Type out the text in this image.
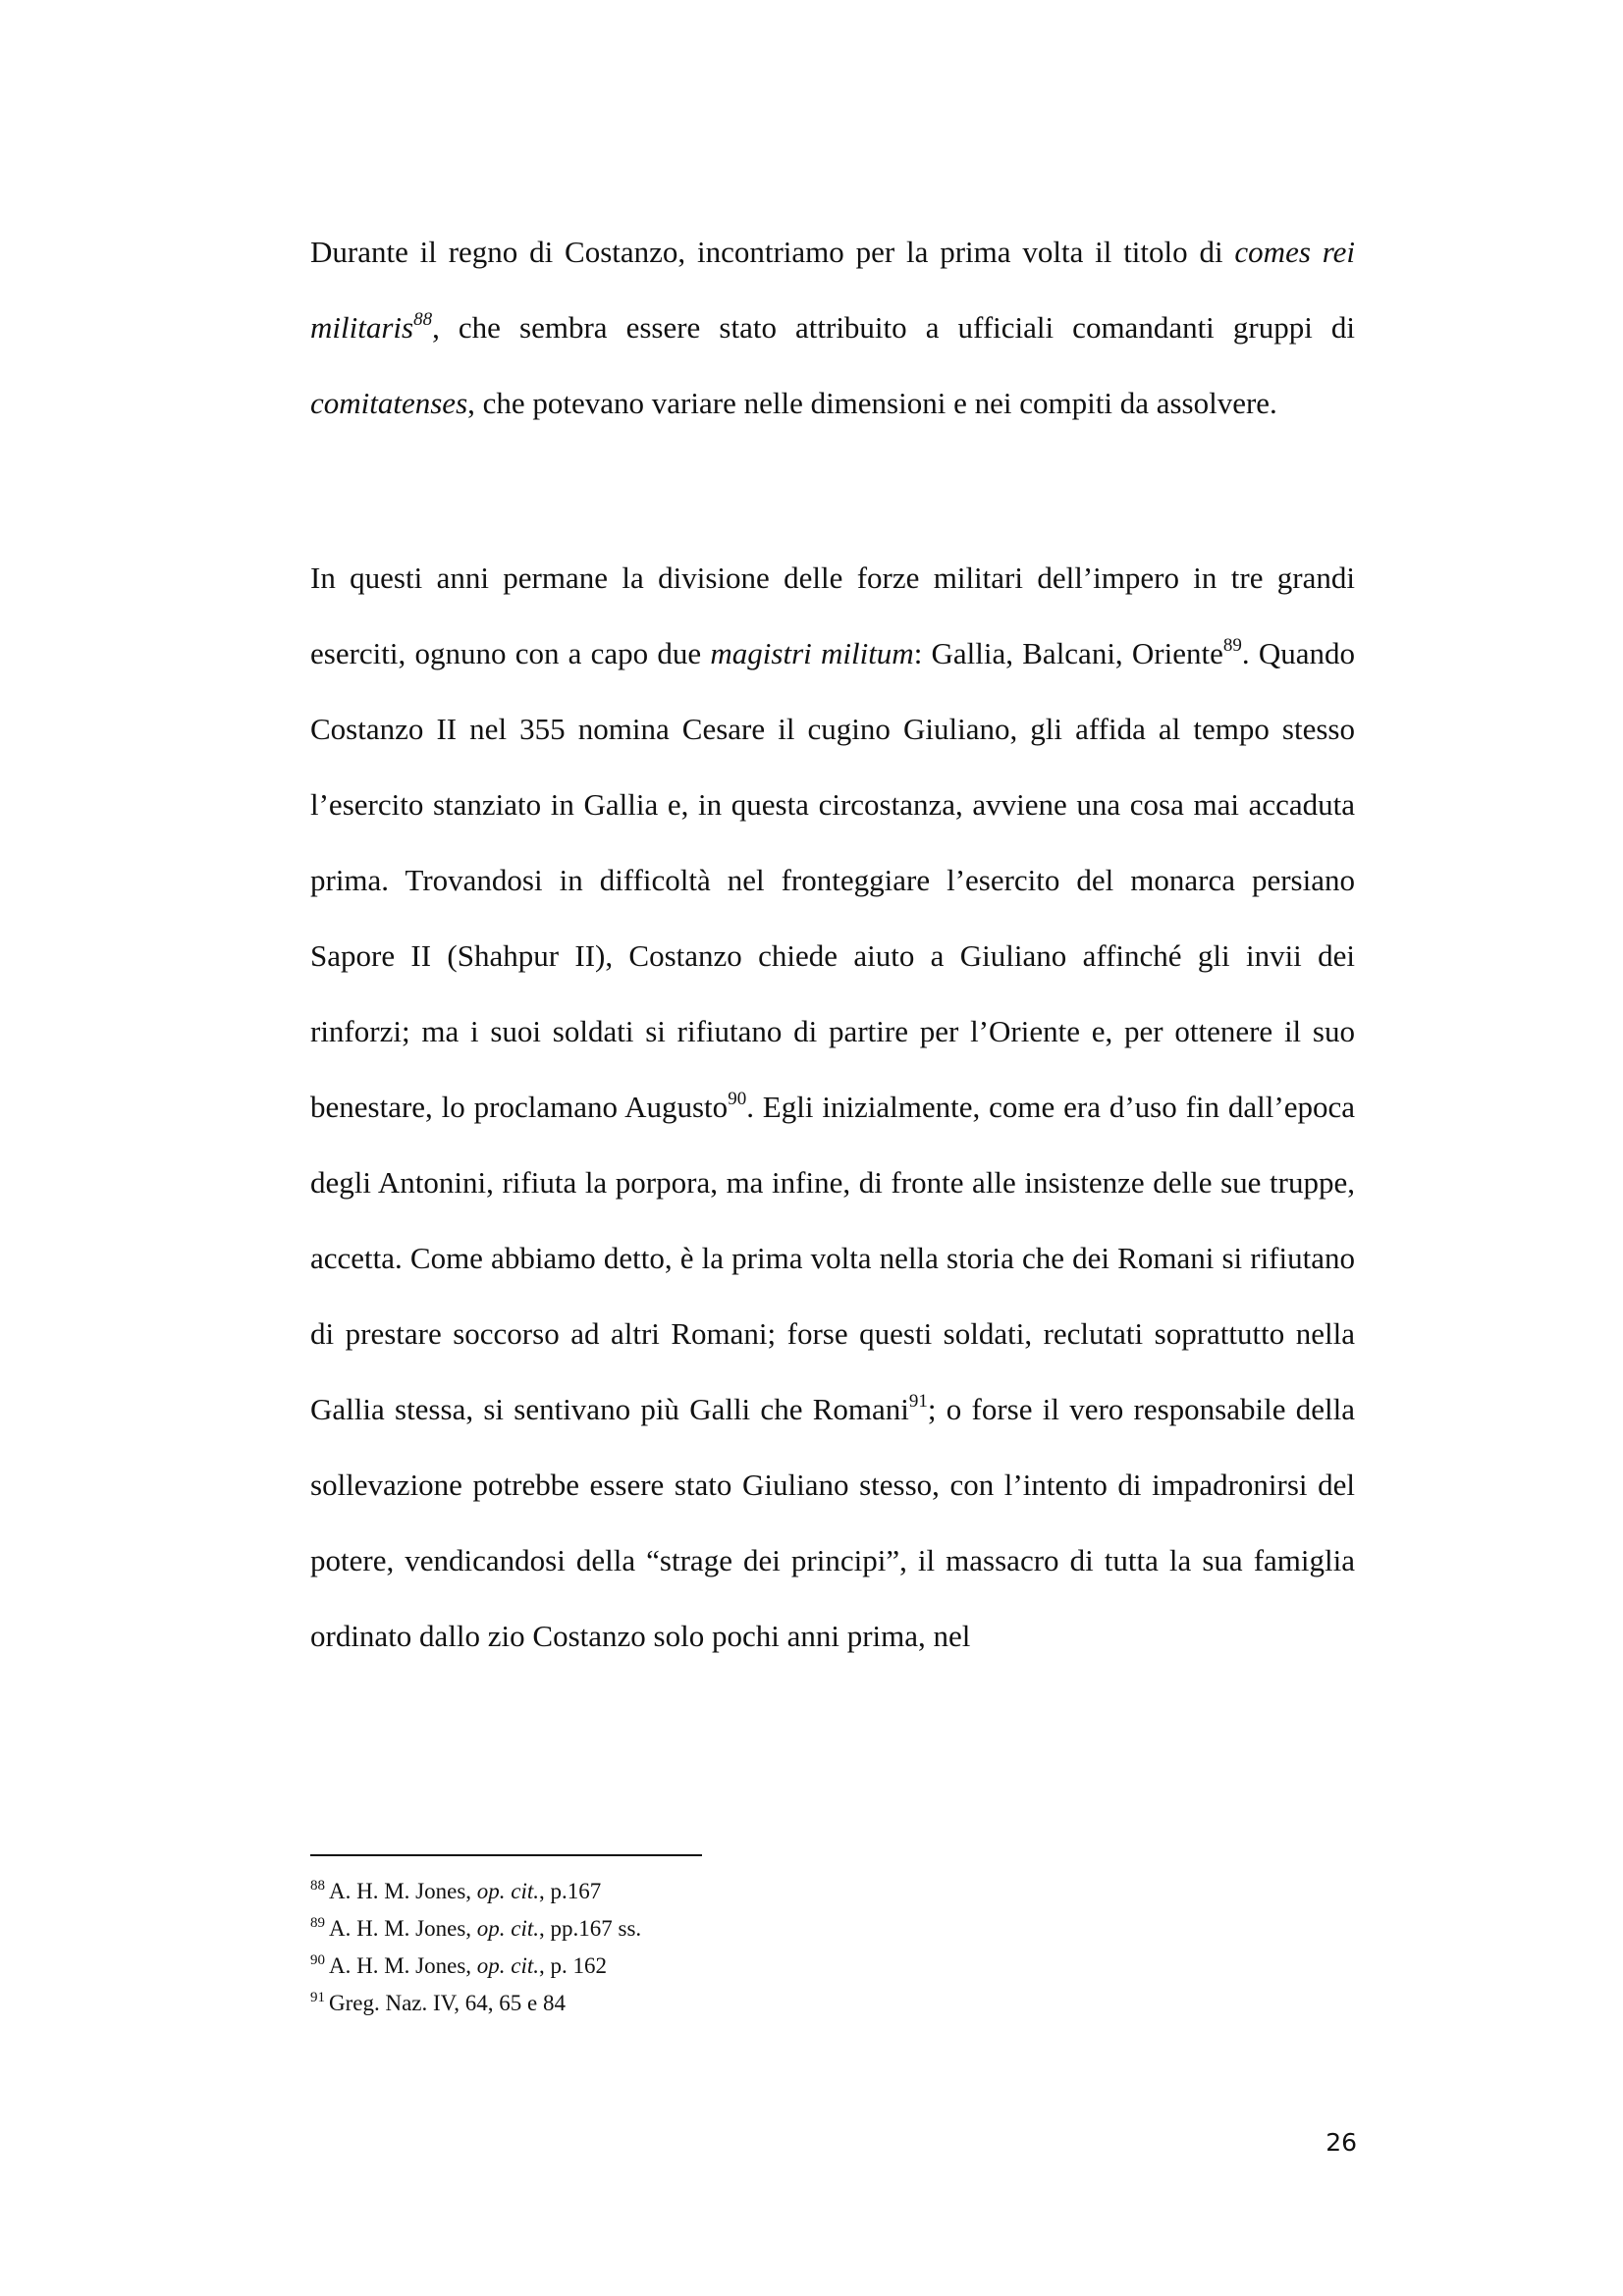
Durante il regno di Costanzo, incontriamo per la prima volta il titolo di comes rei militaris$^{88}$, che sembra essere stato attribuito a ufficiali comandanti gruppi di comitatenses, che potevano variare nelle dimensioni e nei compiti da assolvere.

In questi anni permane la divisione delle forze militari dell’impero in tre grandi eserciti, ognuno con a capo due magistri militum: Gallia, Balcani, Oriente$^{89}$. Quando Costanzo II nel 355 nomina Cesare il cugino Giuliano, gli affida al tempo stesso l’esercito stanziato in Gallia e, in questa circostanza, avviene una cosa mai accaduta prima. Trovandosi in difficoltà nel fronteggiare l’esercito del monarca persiano Sapore II (Shahpur II), Costanzo chiede aiuto a Giuliano affinché gli invii dei rinforzi; ma i suoi soldati si rifiutano di partire per l’Oriente e, per ottenere il suo benestare, lo proclamano Augusto$^{90}$. Egli inizialmente, come era d’uso fin dall’epoca degli Antonini, rifiuta la porpora, ma infine, di fronte alle insistenze delle sue truppe, accetta. Come abbiamo detto, è la prima volta nella storia che dei Romani si rifiutano di prestare soccorso ad altri Romani; forse questi soldati, reclutati soprattutto nella Gallia stessa, si sentivano più Galli che Romani$^{91}$; o forse il vero responsabile della sollevazione potrebbe essere stato Giuliano stesso, con l’intento di impadronirsi del potere, vendicandosi della “strage dei principi”, il massacro di tutta la sua famiglia ordinato dallo zio Costanzo solo pochi anni prima, nel

$^{88}$ A. H. M. Jones, op. cit., p.167
$^{89}$ A. H. M. Jones, op. cit., pp.167 ss.
$^{90}$ A. H. M. Jones, op. cit., p. 162
$^{91}$ Greg. Naz. IV, 64, 65 e 84
26
